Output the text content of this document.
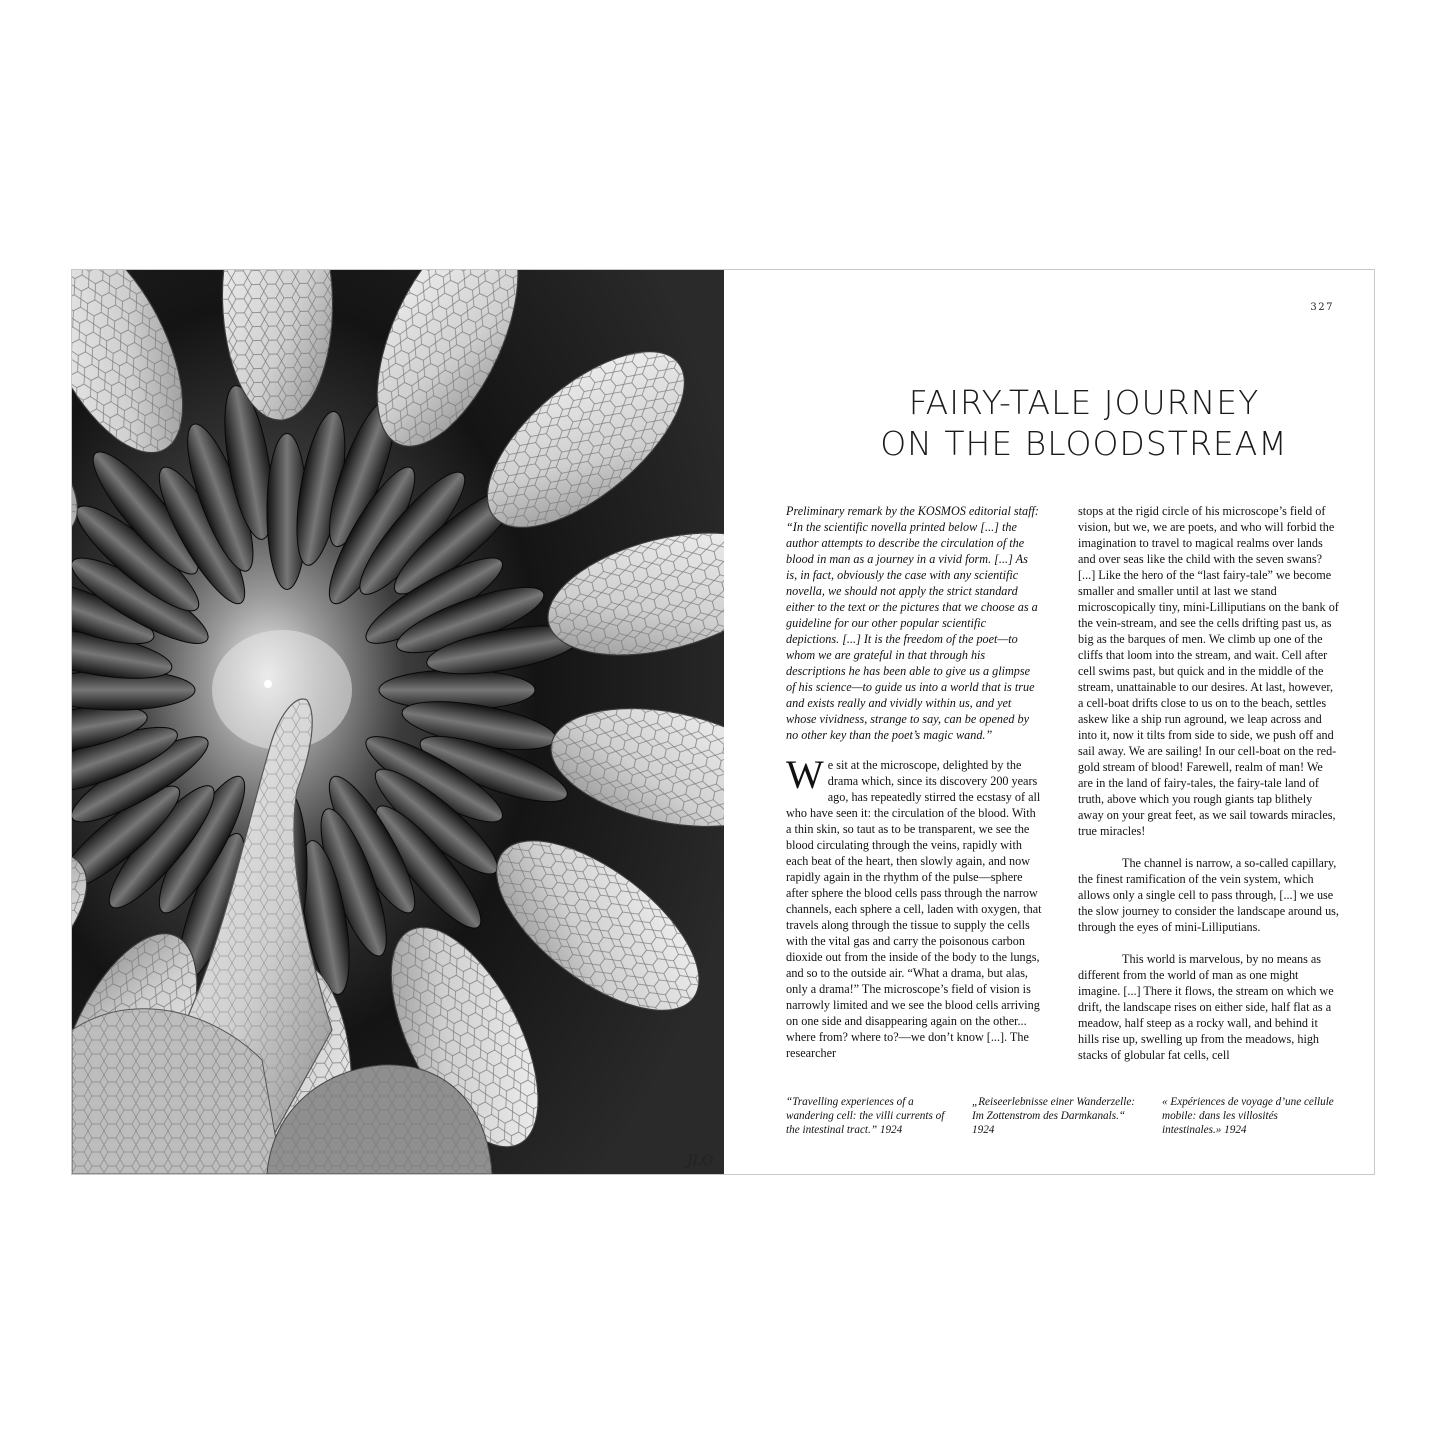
JLO
327
FAIRY-TALE JOURNEY
ON THE BLOODSTREAM

Preliminary remark by the KOSMOS editorial staff: “In the scientific novella printed below [...] the author attempts to describe the circulation of the blood in man as a journey in a vivid form. [...] As is, in fact, obviously the case with any scientific novella, we should not apply the strict standard either to the text or the pictures that we choose as a guideline for our other popular scientific depictions. [...] It is the freedom of the poet—to whom we are grateful in that through his descriptions he has been able to give us a glimpse of his science—to guide us into a world that is true and exists really and vividly within us, and yet whose vividness, strange to say, can be opened by no other key than the poet’s magic wand.”

We sit at the microscope, delighted by the drama which, since its discovery 200 years ago, has repeatedly stirred the ecstasy of all who have seen it: the circulation of the blood. With a thin skin, so taut as to be transparent, we see the blood circulating through the veins, rapidly with each beat of the heart, then slowly again, and now rapidly again in the rhythm of the pulse—sphere after sphere the blood cells pass through the narrow channels, each sphere a cell, laden with oxygen, that travels along through the tissue to supply the cells with the vital gas and carry the poisonous carbon dioxide out from the inside of the body to the lungs, and so to the outside air. “What a drama, but alas, only a drama!” The microscope’s field of vision is narrowly limited and we see the blood cells arriving on one side and disappearing again on the other... where from? where to?—we don’t know [...]. The researcher

stops at the rigid circle of his microscope’s field of vision, but we, we are poets, and who will forbid the imagination to travel to magical realms over lands and over seas like the child with the seven swans? [...] Like the hero of the “last fairy-tale” we become smaller and smaller until at last we stand microscopically tiny, mini-Lilliputians on the bank of the vein-stream, and see the cells drifting past us, as big as the barques of men. We climb up one of the cliffs that loom into the stream, and wait. Cell after cell swims past, but quick and in the middle of the stream, unattainable to our desires. At last, however, a cell-boat drifts close to us on to the beach, settles askew like a ship run aground, we leap across and into it, now it tilts from side to side, we push off and sail away. We are sailing! In our cell-boat on the red-gold stream of blood! Farewell, realm of man! We are in the land of fairy-tales, the fairy-tale land of truth, above which you rough giants tap blithely away on your great feet, as we sail towards miracles, true miracles!

The channel is narrow, a so-called capillary, the finest ramification of the vein system, which allows only a single cell to pass through, [...] we use the slow journey to consider the landscape around us, through the eyes of mini-Lilliputians.

This world is marvelous, by no means as different from the world of man as one might imagine. [...] There it flows, the stream on which we drift, the landscape rises on either side, half flat as a meadow, half steep as a rocky wall, and behind it hills rise up, swelling up from the meadows, high stacks of globular fat cells, cell

“Travelling experiences of a wandering cell: the villi currents of the intestinal tract.” 1924
„Reiseerlebnisse einer Wanderzelle: Im Zottenstrom des Darmkanals.“ 1924
« Expériences de voyage d’une cellule mobile: dans les villosités intestinales.» 1924
